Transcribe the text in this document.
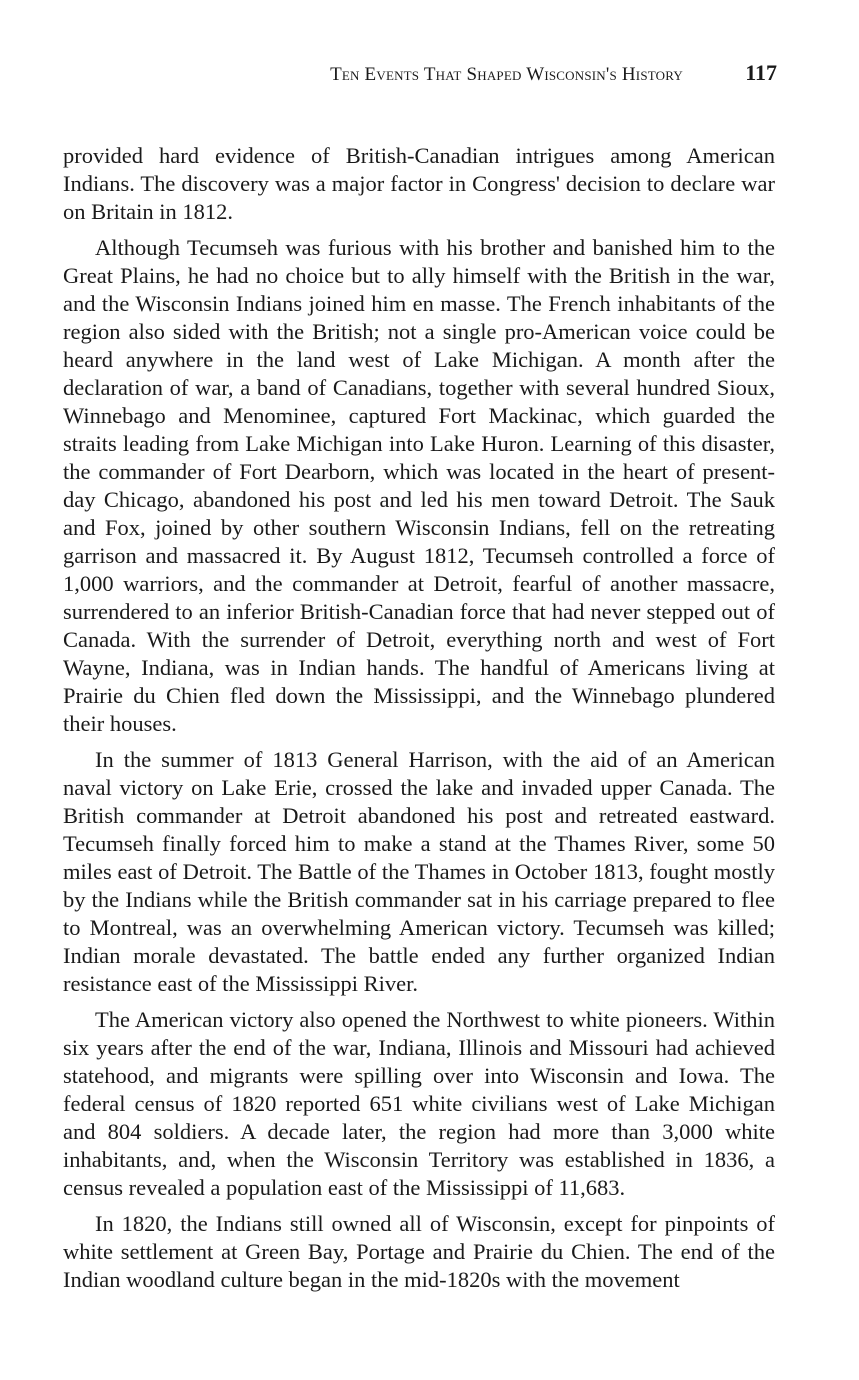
Ten Events That Shaped Wisconsin's History	117

provided hard evidence of British-Canadian intrigues among American Indians. The discovery was a major factor in Congress' decision to declare war on Britain in 1812.

Although Tecumseh was furious with his brother and banished him to the Great Plains, he had no choice but to ally himself with the British in the war, and the Wisconsin Indians joined him en masse. The French inhabitants of the region also sided with the British; not a single pro-American voice could be heard anywhere in the land west of Lake Michigan. A month after the declaration of war, a band of Canadians, together with several hundred Sioux, Winnebago and Menominee, captured Fort Mackinac, which guarded the straits leading from Lake Michigan into Lake Huron. Learning of this disaster, the commander of Fort Dearborn, which was located in the heart of present-day Chicago, abandoned his post and led his men toward Detroit. The Sauk and Fox, joined by other southern Wisconsin Indians, fell on the retreating garrison and massacred it. By August 1812, Tecumseh controlled a force of 1,000 warriors, and the commander at Detroit, fearful of another massacre, surrendered to an inferior British-Canadian force that had never stepped out of Canada. With the surrender of Detroit, everything north and west of Fort Wayne, Indiana, was in Indian hands. The handful of Americans living at Prairie du Chien fled down the Mississippi, and the Winnebago plundered their houses.

In the summer of 1813 General Harrison, with the aid of an American naval victory on Lake Erie, crossed the lake and invaded upper Canada. The British commander at Detroit abandoned his post and retreated eastward. Tecumseh finally forced him to make a stand at the Thames River, some 50 miles east of Detroit. The Battle of the Thames in October 1813, fought mostly by the Indians while the British commander sat in his carriage prepared to flee to Montreal, was an overwhelming American victory. Tecumseh was killed; Indian morale devastated. The battle ended any further organized Indian resistance east of the Mississippi River.

The American victory also opened the Northwest to white pioneers. Within six years after the end of the war, Indiana, Illinois and Missouri had achieved statehood, and migrants were spilling over into Wisconsin and Iowa. The federal census of 1820 reported 651 white civilians west of Lake Michigan and 804 soldiers. A decade later, the region had more than 3,000 white inhabitants, and, when the Wisconsin Territory was established in 1836, a census revealed a population east of the Mississippi of 11,683.

In 1820, the Indians still owned all of Wisconsin, except for pinpoints of white settlement at Green Bay, Portage and Prairie du Chien. The end of the Indian woodland culture began in the mid-1820s with the movement
